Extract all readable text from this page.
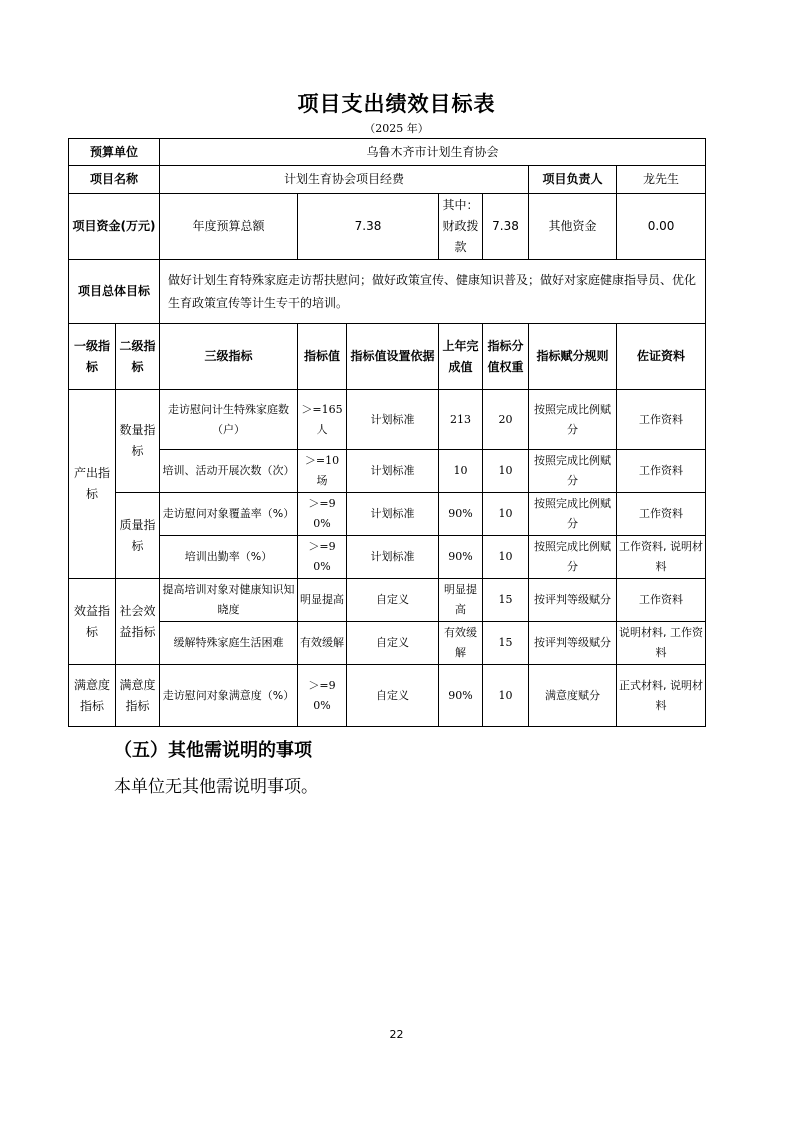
项目支出绩效目标表
（2025 年）
预算单位		乌鲁木齐市计划生育协会						
项目名称		计划生育协会项目经费					项目负责人	龙先生
项目资金(万元)		年度预算总额	7.38		其中：财政拨款	7.38	其他资金	0.00
项目总体目标		做好计划生育特殊家庭走访帮扶慰问；做好政策宣传、健康知识普及；做好对家庭健康指导员、优化生育政策宣传等计生专干的培训。						
一级指标	二级指标	三级指标	指标值	指标值设置依据	上年完成值	指标分值权重	指标赋分规则	佐证资料
产出指标	数量指标	走访慰问计生特殊家庭数（户）	＞=165人	计划标准	213	20	按照完成比例赋分	工作资料
		培训、活动开展次数（次）	＞=10场	计划标准	10	10	按照完成比例赋分	工作资料
	质量指标	走访慰问对象覆盖率（%）	＞=90%	计划标准	90%	10	按照完成比例赋分	工作资料
		培训出勤率（%）	＞=90%	计划标准	90%	10	按照完成比例赋分	工作资料, 说明材料
效益指标	社会效益指标	提高培训对象对健康知识知晓度	明显提高	自定义	明显提高	15	按评判等级赋分	工作资料
		缓解特殊家庭生活困难	有效缓解	自定义	有效缓解	15	按评判等级赋分	说明材料, 工作资料
满意度指标	满意度指标	走访慰问对象满意度（%）	＞=90%	自定义	90%	10	满意度赋分	正式材料, 说明材料
（五）其他需说明的事项
本单位无其他需说明事项。
22
